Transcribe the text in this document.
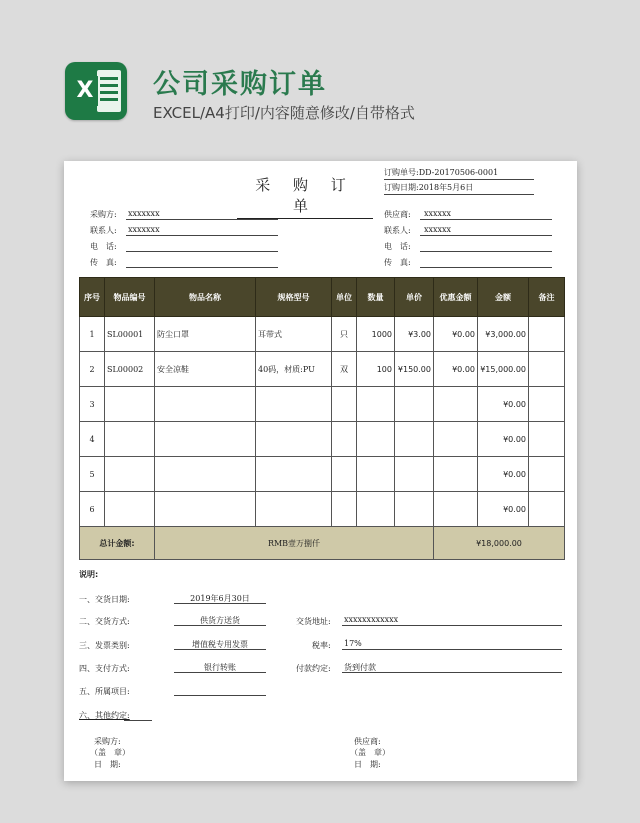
X 公司采购订单
EXCEL/A4打印/内容随意修改/自带格式
采 购 订 单
订购单号:DD-20170506-0001
订购日期:2018年5月6日
采购方: xxxxxxx
联系人: xxxxxxx
电　话:
传　真:
供应商: xxxxxx
联系人: xxxxxx
电　话:
传　真:
序号	物品编号	物品名称	规格型号	单位	数量	单价	优惠金额	金额	备注
1	SL00001	防尘口罩	耳带式	只	1000	¥3.00	¥0.00	¥3,000.00	
2	SL00002	安全凉鞋	40码，材质:PU	双	100	¥150.00	¥0.00	¥15,000.00	
3								¥0.00	
4								¥0.00	
5								¥0.00	
6								¥0.00	
总计金额:		RMB壹万捌仟					¥18,000.00		
说明:
一、交货日期:	2019年6月30日
二、交货方式:	供货方送货	交货地址: xxxxxxxxxxxx
三、发票类别:	增值税专用发票	税率: 17%
四、支付方式:	银行转账	付款约定: 货到付款
五、所属项目:
六、其他约定:
采购方:
（盖　章）
日　期:
供应商:
（盖　章）
日　期:
